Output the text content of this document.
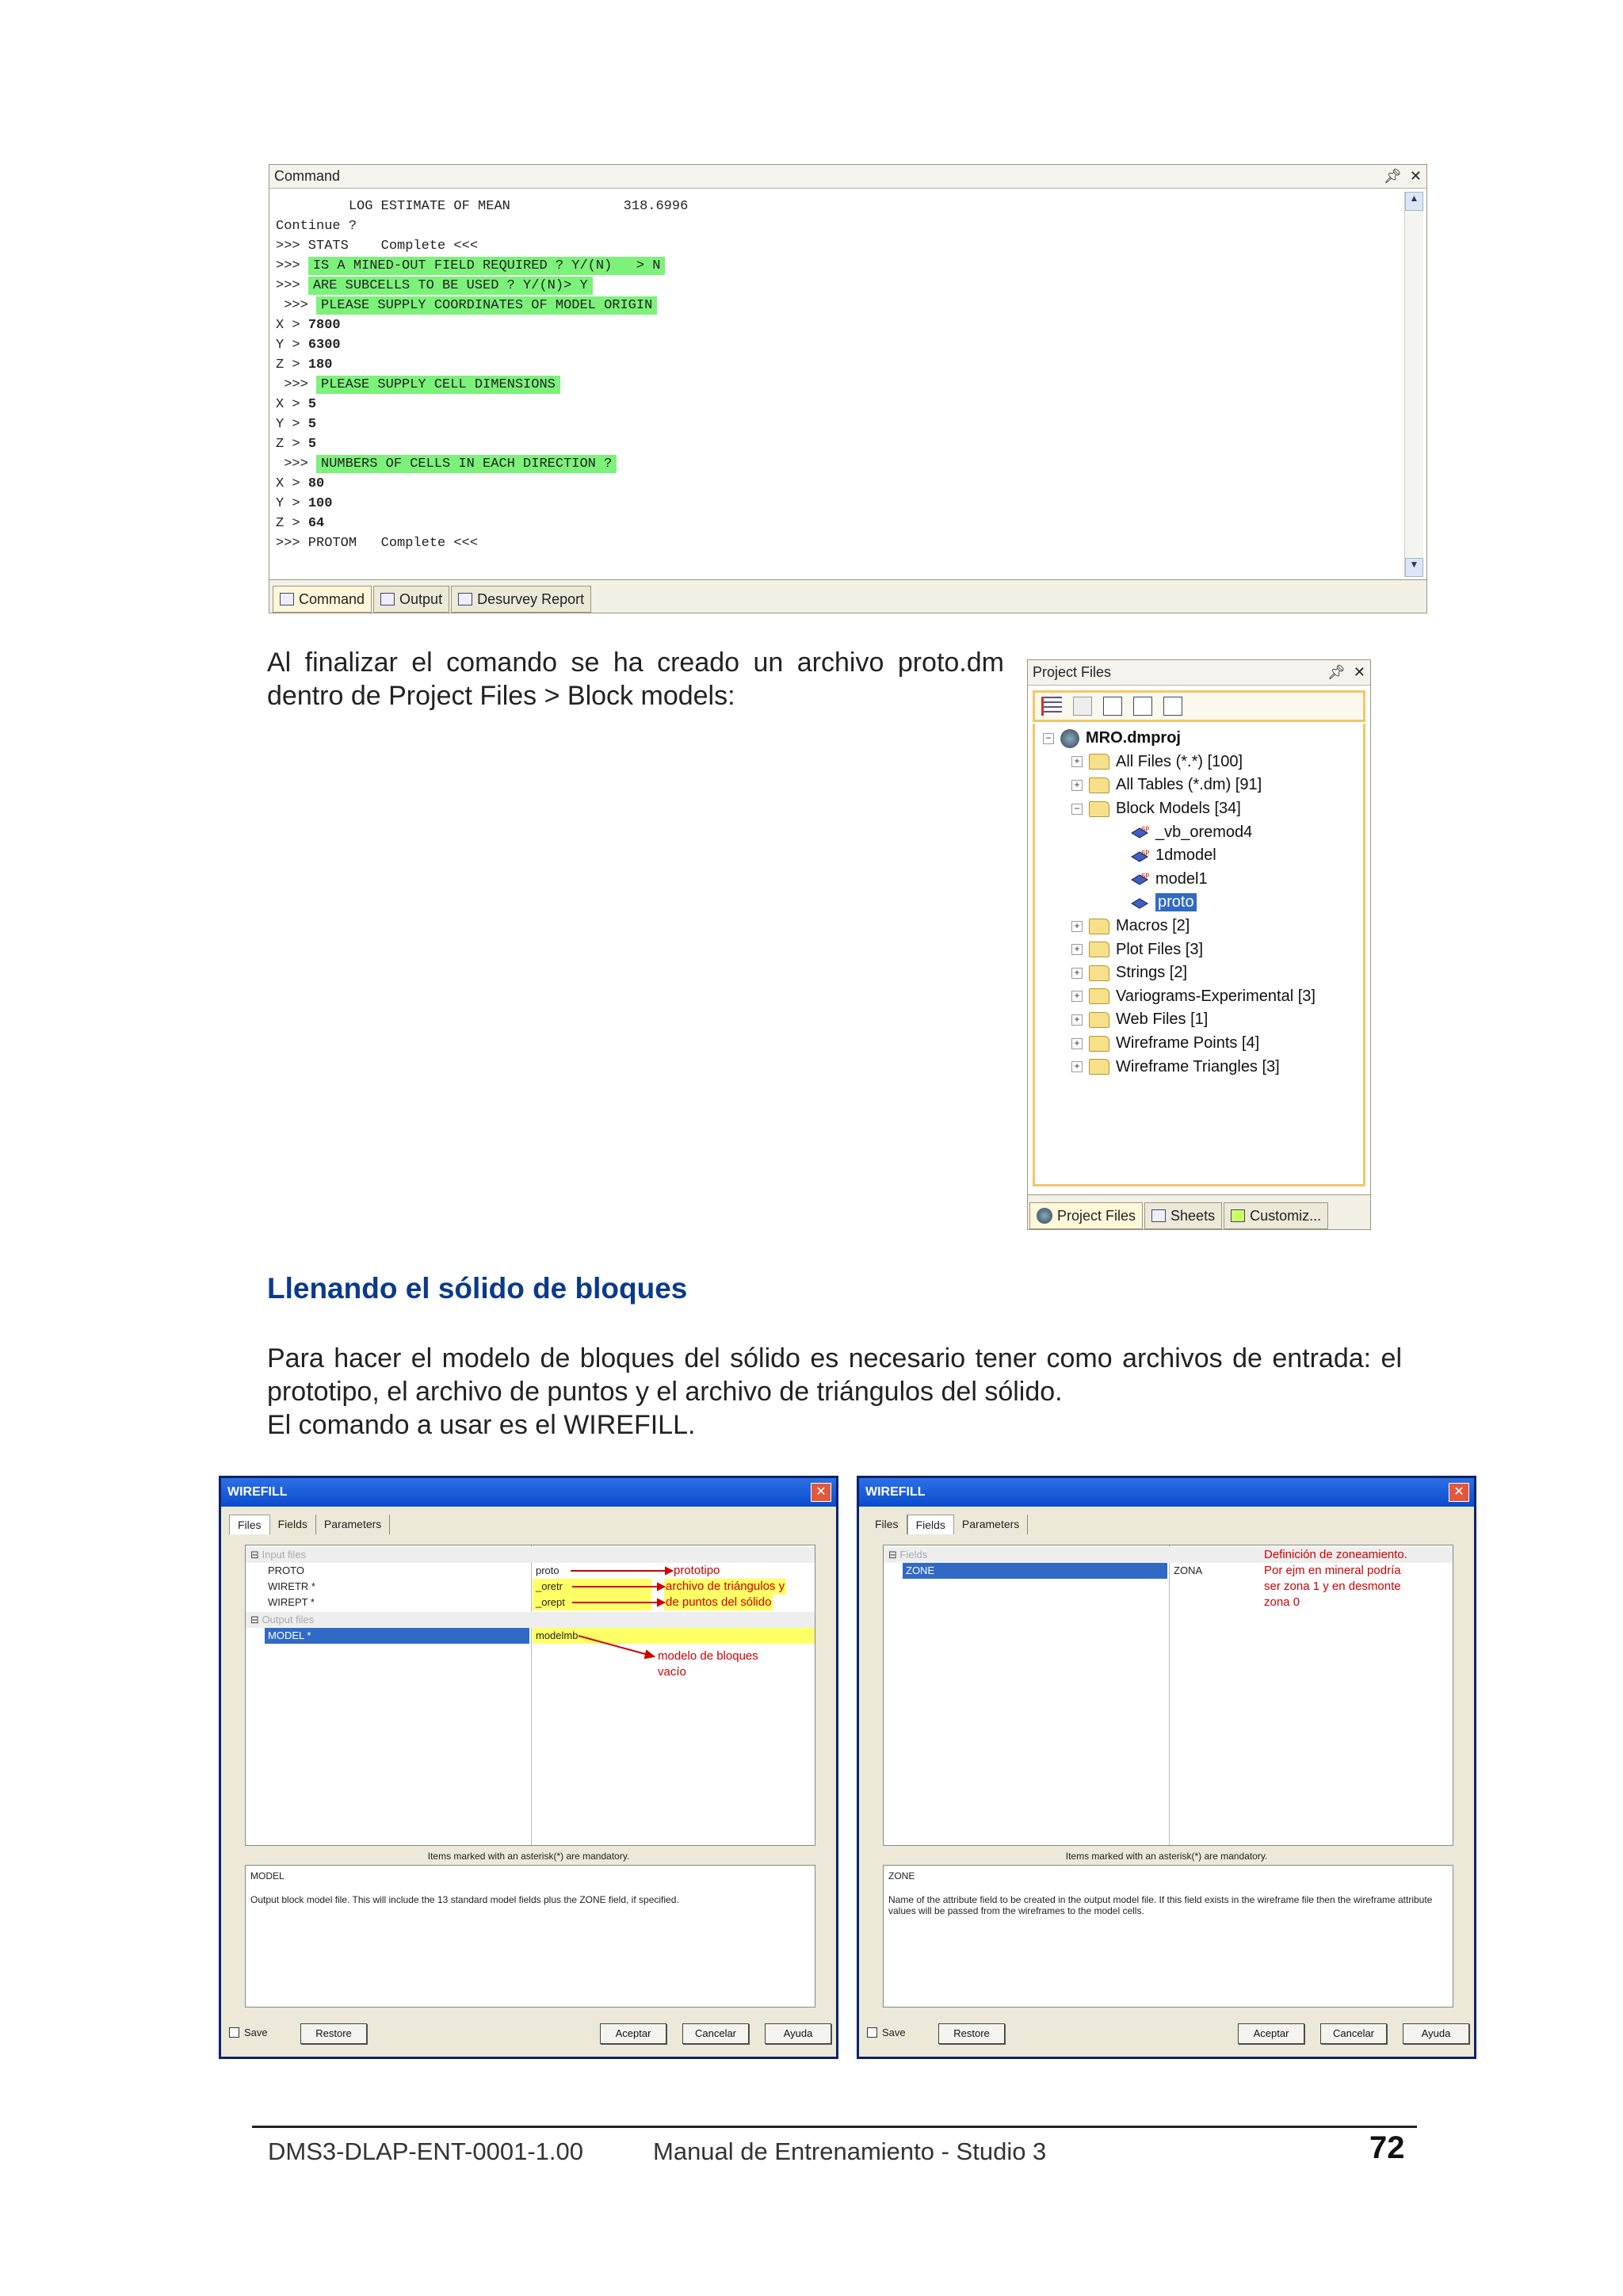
Command	📌︎ ✕
LOG ESTIMATE OF MEAN              318.6996
Continue ?
>>> STATS    Complete <<<
>>> IS A MINED-OUT FIELD REQUIRED ? Y/(N)   > N
>>> ARE SUBCELLS TO BE USED ? Y/(N)> Y
>>> PLEASE SUPPLY COORDINATES OF MODEL ORIGIN
X > 7800
Y > 6300
Z > 180
>>> PLEASE SUPPLY CELL DIMENSIONS
X > 5
Y > 5
Z > 5
>>> NUMBERS OF CELLS IN EACH DIRECTION ?
X > 80
Y > 100
Z > 64
>>> PROTOM   Complete <<<
▲
▼
Command Output Desurvey Report

Al finalizar el comando se ha creado un archivo proto.dm dentro de Project Files > Block models:

Project Files	📌︎ ✕
− MRO.dmproj
+ All Files (*.*) [100]
+ All Tables (*.dm) [91]
− Block Models [34]
SP _vb_oremod4
SP 1dmodel
SP model1
proto
+ Macros [2]
+ Plot Files [3]
+ Strings [2]
+ Variograms-Experimental [3]
+ Web Files [1]
+ Wireframe Points [4]
+ Wireframe Triangles [3]
Project Files Sheets Customiz...
Llenando el sólido de bloques

Para hacer el modelo de bloques del sólido es necesario tener como archivos de entrada: el prototipo, el archivo de puntos y el archivo de triángulos del sólido.

El comando a usar es el WIREFILL.

WIREFILL	✕
Files	Fields	Parameters
⊟ Input files
PROTO	proto
WIRETR *	_oretr
WIREPT *	_orept
⊟ Output files
MODEL *	modelmb
prototipo
archivo de triángulos y
de puntos del sólido
modelo de bloques
vacío
Items marked with an asterisk(*) are mandatory.
MODEL
Output block model file. This will include the 13 standard model fields plus the ZONE field, if specified.
Save	Restore	Aceptar	Cancelar	Ayuda
WIREFILL	✕
Files	Fields	Parameters
⊟ Fields
ZONE	ZONA
Definición de zoneamiento.
Por ejm en mineral podría
ser zona 1 y en desmonte
zona 0
Items marked with an asterisk(*) are mandatory.
ZONE
Name of the attribute field to be created in the output model file. If this field exists in the wireframe file then the wireframe attribute values will be passed from the wireframes to the model cells.
Save	Restore	Aceptar	Cancelar	Ayuda
DMS3-DLAP-ENT-0001-1.00	Manual de Entrenamiento - Studio 3	72
